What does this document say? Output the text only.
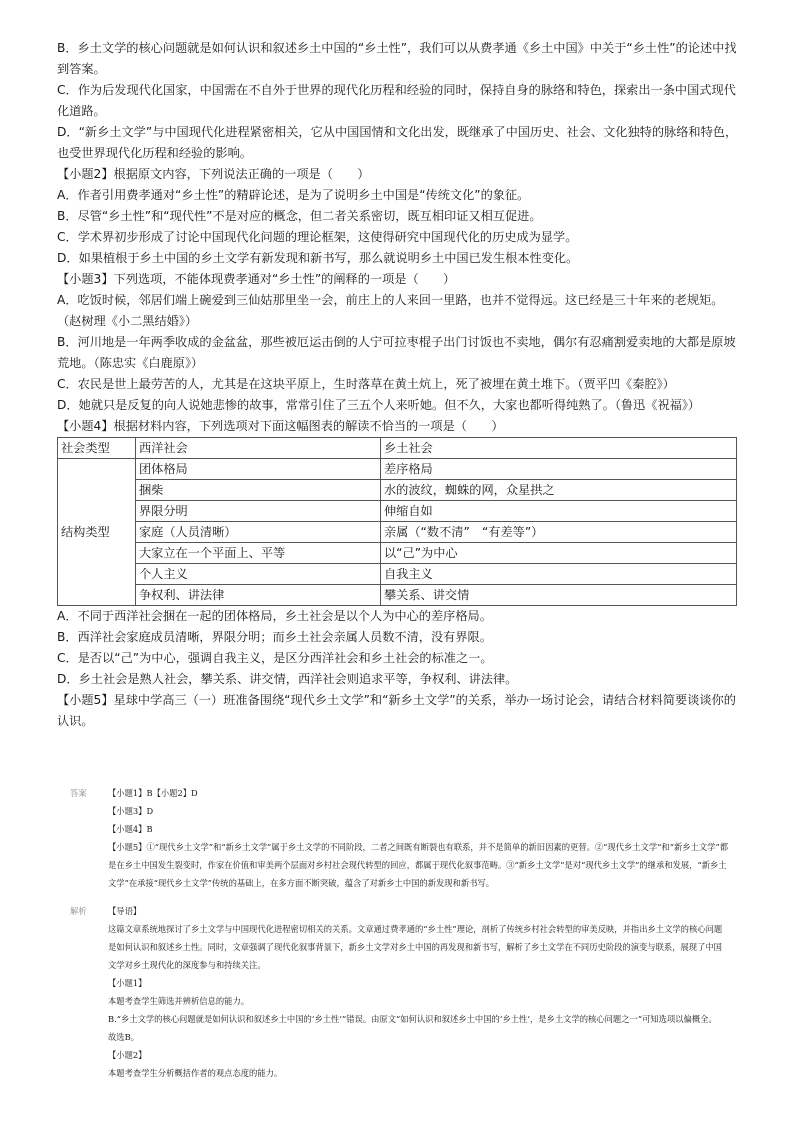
B．乡土文学的核心问题就是如何认识和叙述乡土中国的“乡土性”，我们可以从费孝通《乡土中国》中关于“乡土性”的论述中找到答案。

C．作为后发现代化国家，中国需在不自外于世界的现代化历程和经验的同时，保持自身的脉络和特色，探索出一条中国式现代化道路。

D．“新乡土文学”与中国现代化进程紧密相关，它从中国国情和文化出发，既继承了中国历史、社会、文化独特的脉络和特色，也受世界现代化历程和经验的影响。

【小题2】根据原文内容，下列说法正确的一项是（　　）

A．作者引用费孝通对“乡土性”的精辟论述，是为了说明乡土中国是“传统文化”的象征。

B．尽管“乡土性”和“现代性”不是对应的概念，但二者关系密切，既互相印证又相互促进。

C．学术界初步形成了讨论中国现代化问题的理论框架，这使得研究中国现代化的历史成为显学。

D．如果植根于乡土中国的乡土文学有新发现和新书写，那么就说明乡土中国已发生根本性变化。

【小题3】下列选项，不能体现费孝通对“乡土性”的阐释的一项是（　　）

A．吃饭时候，邻居们端上碗爱到三仙姑那里坐一会，前庄上的人来回一里路，也并不觉得远。这已经是三十年来的老规矩。（赵树理《小二黑结婚》）

B．河川地是一年两季收成的金盆盆，那些被厄运击倒的人宁可拉枣棍子出门讨饭也不卖地，偶尔有忍痛割爱卖地的大都是原坡荒地。（陈忠实《白鹿原》）

C．农民是世上最劳苦的人，尤其是在这块平原上，生时落草在黄土炕上，死了被埋在黄土堆下。（贾平凹《秦腔》）

D．她就只是反复的向人说她悲惨的故事，常常引住了三五个人来听她。但不久，大家也都听得纯熟了。（鲁迅《祝福》）

【小题4】根据材料内容，下列选项对下面这幅图表的解读不恰当的一项是（　　）

社会类型	西洋社会	乡土社会
结构类型	团体格局	差序格局
	捆柴	水的波纹，蜘蛛的网，众星拱之
	界限分明	伸缩自如
	家庭（人员清晰）	亲属（“数不清”　“有差等”）
	大家立在一个平面上、平等	以“己”为中心
	个人主义	自我主义
	争权利、讲法律	攀关系、讲交情

A．不同于西洋社会捆在一起的团体格局，乡土社会是以个人为中心的差序格局。

B．西洋社会家庭成员清晰，界限分明；而乡土社会亲属人员数不清，没有界限。

C．是否以“己”为中心，强调自我主义，是区分西洋社会和乡土社会的标准之一。

D．乡土社会是熟人社会，攀关系、讲交情，西洋社会则追求平等，争权利、讲法律。

【小题5】星球中学高三（一）班准备围绕“现代乡土文学”和“新乡土文学”的关系，举办一场讨论会，请结合材料简要谈谈你的认识。

答案	【小题1】B【小题2】D

【小题3】D

【小题4】B

【小题5】①“现代乡土文学”和“新乡土文学”属于乡土文学的不同阶段，二者之间既有断裂也有联系，并不是简单的新旧因素的更替。②“现代乡土文学”和“新乡土文学”都是在乡土中国发生裂变时，作家在价值和审美两个层面对乡村社会现代转型的回应，都属于现代化叙事范畴。③“新乡土文学”是对“现代乡土文学”的继承和发展，“新乡土文学”在承接“现代乡土文学”传统的基础上，在多方面不断突破，蕴含了对新乡土中国的新发现和新书写。

解析	【导语】

这篇文章系统地探讨了乡土文学与中国现代化进程密切相关的关系。文章通过费孝通的“乡土性”理论，剖析了传统乡村社会转型的审美反映，并指出乡土文学的核心问题是如何认识和叙述乡土性。同时，文章强调了现代化叙事背景下，新乡土文学对乡土中国的再发现和新书写，解析了乡土文学在不同历史阶段的演变与联系，展现了中国文学对乡土现代化的深度参与和持续关注。

【小题1】

本题考查学生筛选并辨析信息的能力。

B.“乡土文学的核心问题就是如何认识和叙述乡土中国的‘乡土性’”错误。由原文“如何认识和叙述乡土中国的‘乡土性’，是乡土文学的核心问题之一”可知选项以偏概全。

故选B。

【小题2】

本题考查学生分析概括作者的观点态度的能力。
